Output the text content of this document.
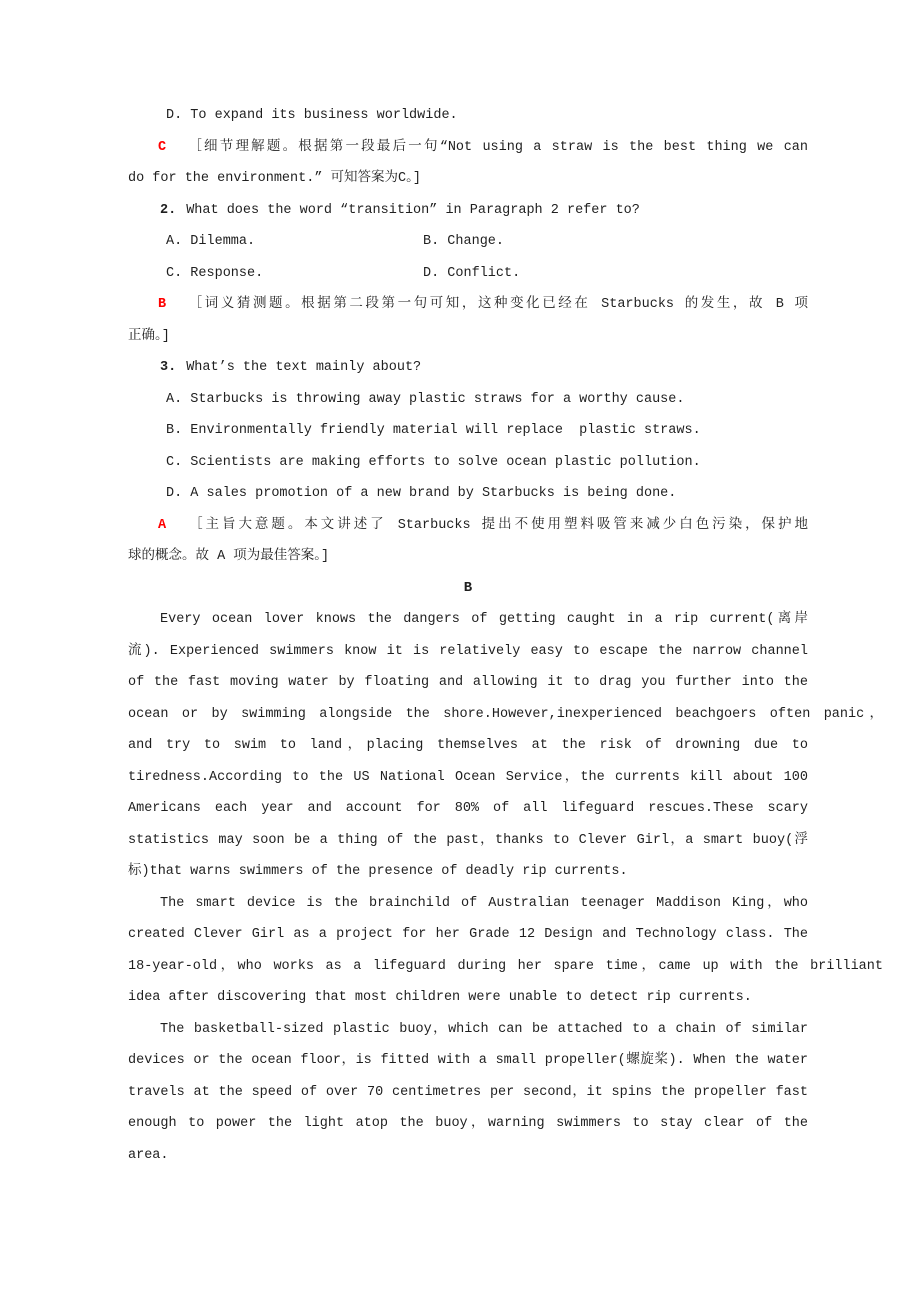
D. To expand its business worldwide.
C ［细节理解题。根据第一段最后一句“Not using a straw is the best thing we can
do for the environment.” 可知答案为C。]
2. What does the word “transition” in Paragraph 2 refer to?
A. Dilemma.	B. Change.
C. Response.	D. Conflict.
B ［词义猜测题。根据第二段第一句可知，这种变化已经在 Starbucks 的发生，故 B 项
正确。]
3. What’s the text mainly about?
A. Starbucks is throwing away plastic straws for a worthy cause.
B. Environmentally friendly material will replace  plastic straws.
C. Scientists are making efforts to solve ocean plastic pollution.
D. A sales promotion of a new brand by Starbucks is being done.
A ［主旨大意题。本文讲述了 Starbucks 提出不使用塑料吸管来减少白色污染，保护地
球的概念。故 A 项为最佳答案。]
B
Every ocean lover knows the dangers of getting caught in a rip current(离岸
流). Experienced swimmers know it is relatively easy to escape the narrow channel
of the fast moving water by floating and allowing it to drag you further into the
ocean or by swimming alongside the shore.However,inexperienced beachgoers often panic，
and try to swim to land，placing themselves at the risk of drowning due to
tiredness.According to the US National Ocean Service，the currents kill about 100
Americans each year and account for 80% of all lifeguard rescues.These scary
statistics may soon be a thing of the past，thanks to Clever Girl，a smart buoy(浮
标)that warns swimmers of the presence of deadly rip currents.
The smart device is the brainchild of Australian teenager Maddison King，who
created Clever Girl as a project for her Grade 12 Design and Technology class. The
18-year-old，who works as a lifeguard during her spare time，came up with the brilliant
idea after discovering that most children were unable to detect rip currents.
The basketball-sized plastic buoy，which can be attached to a chain of similar
devices or the ocean floor，is fitted with a small propeller(螺旋桨). When the water
travels at the speed of over 70 centimetres per second，it spins the propeller fast
enough to power the light atop the buoy，warning swimmers to stay clear of the
area.
